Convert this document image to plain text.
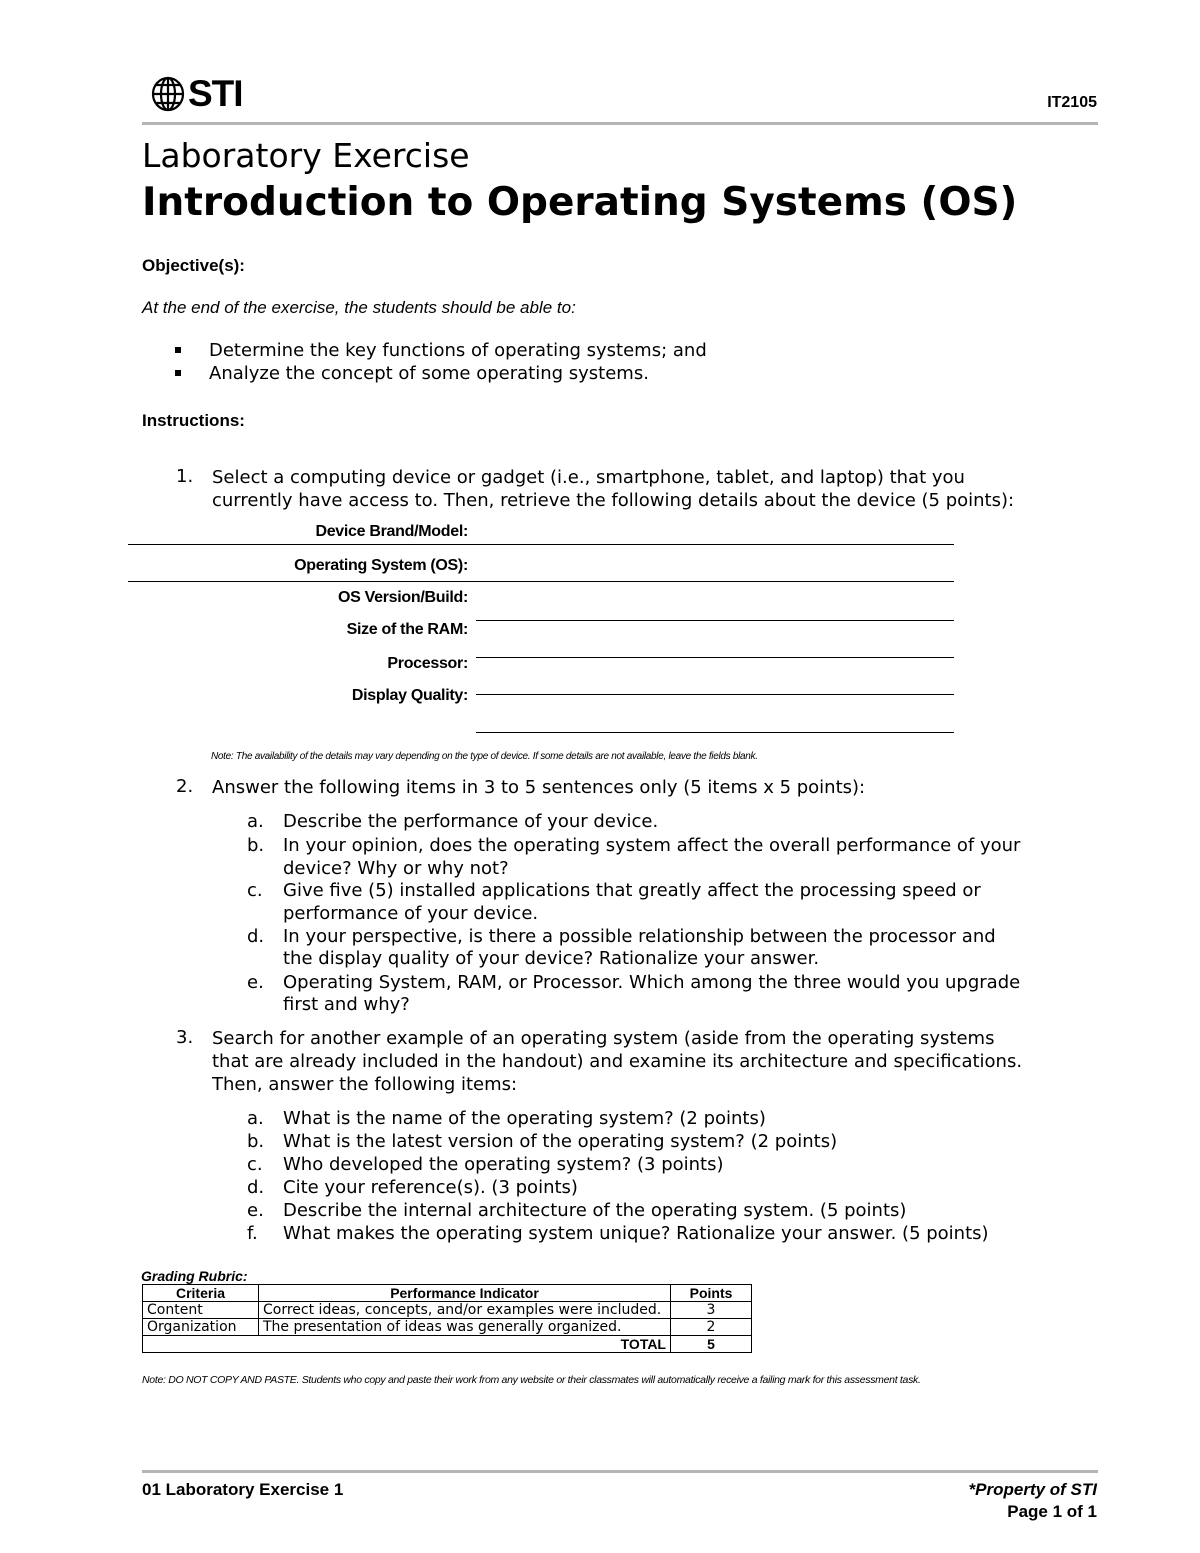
STI	IT2105
Laboratory Exercise
Introduction to Operating Systems (OS)
Objective(s):
At the end of the exercise, the students should be able to:
Determine the key functions of operating systems; and
Analyze the concept of some operating systems.
Instructions:
1. Select a computing device or gadget (i.e., smartphone, tablet, and laptop) that you
currently have access to. Then, retrieve the following details about the device (5 points):
Device Brand/Model:
Operating System (OS):
OS Version/Build:
Size of the RAM:
Processor:
Display Quality:
Note: The availability of the details may vary depending on the type of device. If some details are not available, leave the fields blank.
2. Answer the following items in 3 to 5 sentences only (5 items x 5 points):
a.	Describe the performance of your device.
b.	In your opinion, does the operating system affect the overall performance of your
device? Why or why not?
c.	Give five (5) installed applications that greatly affect the processing speed or
performance of your device.
d.	In your perspective, is there a possible relationship between the processor and
the display quality of your device? Rationalize your answer.
e.	Operating System, RAM, or Processor. Which among the three would you upgrade
first and why?
3. Search for another example of an operating system (aside from the operating systems
that are already included in the handout) and examine its architecture and specifications.
Then, answer the following items:
a.	What is the name of the operating system? (2 points)
b.	What is the latest version of the operating system? (2 points)
c.	Who developed the operating system? (3 points)
d.	Cite your reference(s). (3 points)
e.	Describe the internal architecture of the operating system. (5 points)
f.	What makes the operating system unique? Rationalize your answer. (5 points)
Grading Rubric:
Criteria	Performance Indicator	Points
Content	Correct ideas, concepts, and/or examples were included.	3
Organization	The presentation of ideas was generally organized.	2
TOTAL		5
Note: DO NOT COPY AND PASTE. Students who copy and paste their work from any website or their classmates will automatically receive a failing mark for this assessment task.
01 Laboratory Exercise 1	*Property of STI
Page 1 of 1
